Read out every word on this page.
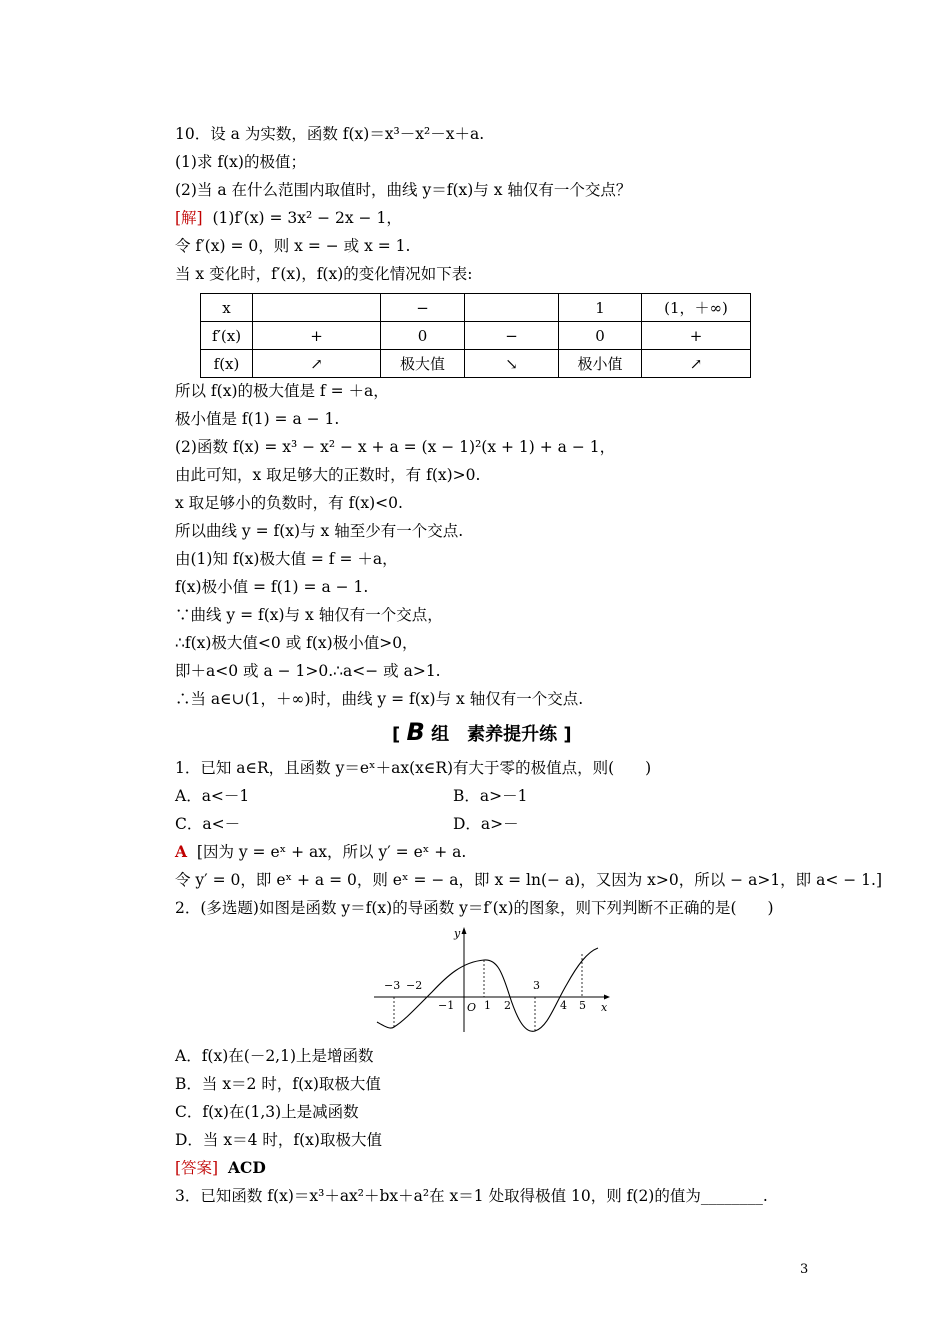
10．设 a 为实数，函数 f(x)＝x³－x²－x＋a.
(1)求 f(x)的极值；
(2)当 a 在什么范围内取值时，曲线 y＝f(x)与 x 轴仅有一个交点？
[解] (1)f′(x) = 3x² − 2x − 1，
令 f′(x) = 0，则 x = − 或 x = 1.
当 x 变化时，f′(x)，f(x)的变化情况如下表:
x		−		1	(1，＋∞)
f′(x)	+	0	−	0	+
f(x)	↗	极大值	↘	极小值	↗
所以 f(x)的极大值是 f = ＋a，
极小值是 f(1) = a − 1.
(2)函数 f(x) = x³ − x² − x + a = (x − 1)²(x + 1) + a − 1，
由此可知，x 取足够大的正数时，有 f(x)>0.
x 取足够小的负数时，有 f(x)<0.
所以曲线 y = f(x)与 x 轴至少有一个交点.
由(1)知 f(x)极大值 = f = ＋a，
f(x)极小值 = f(1) = a − 1.
∵曲线 y = f(x)与 x 轴仅有一个交点，
∴f(x)极大值<0 或 f(x)极小值>0，
即＋a<0 或 a − 1>0.∴a<− 或 a>1.
∴当 a∈∪(1，＋∞)时，曲线 y = f(x)与 x 轴仅有一个交点.
[ B 组　素养提升练 ]
1．已知 a∈R，且函数 y＝eˣ＋ax(x∈R)有大于零的极值点，则(　　)
A．a<－1	B．a>－1
C．a<－	D．a>－
A [因为 y = eˣ + ax，所以 y′ = eˣ + a.
令 y′ = 0，即 eˣ + a = 0，则 eˣ = − a，即 x = ln(− a)，又因为 x>0，所以 − a>1，即 a< − 1.]
2．(多选题)如图是函数 y＝f(x)的导函数 y＝f′(x)的图象，则下列判断不正确的是(　　)
y
x
O
−3 −2
−1	1 2
3
4 5
A．f(x)在(－2,1)上是增函数
B．当 x＝2 时，f(x)取极大值
C．f(x)在(1,3)上是减函数
D．当 x＝4 时，f(x)取极大值
[答案] ACD
3．已知函数 f(x)＝x³＋ax²＋bx＋a²在 x＝1 处取得极值 10，则 f(2)的值为________.
3
